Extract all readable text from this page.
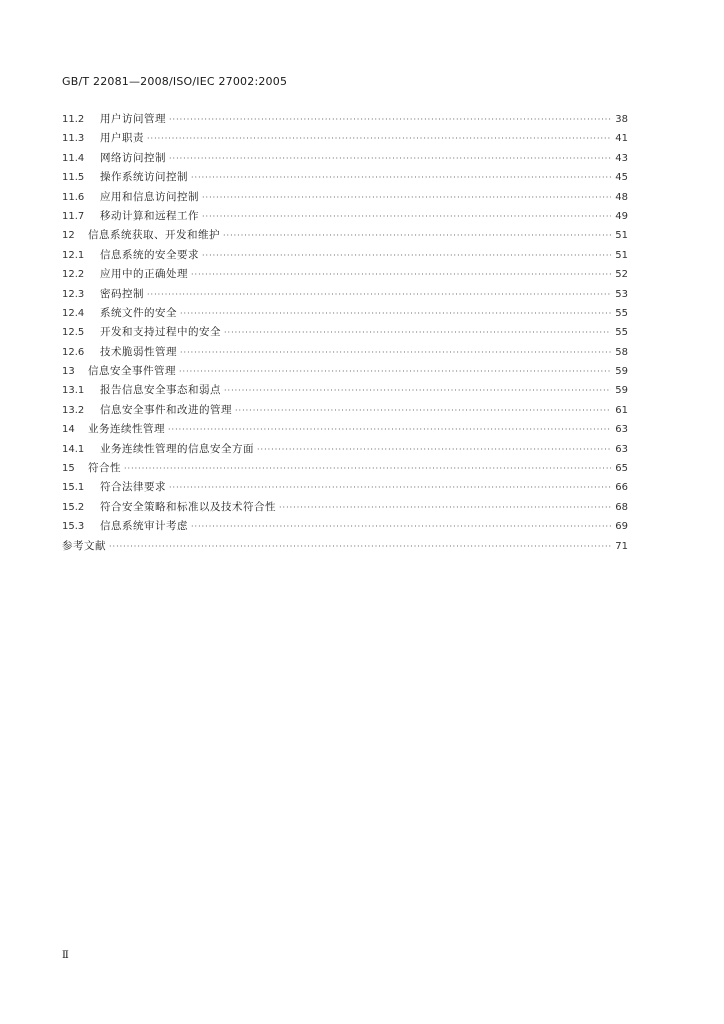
GB/T 22081—2008/ISO/IEC 27002:2005
11.2	用户访问管理 ·····	38
11.3	用户职责 ·····	41
11.4	网络访问控制 ·····	43
11.5	操作系统访问控制 ·····	45
11.6	应用和信息访问控制 ·····	48
11.7	移动计算和远程工作 ·····	49
12	信息系统获取、开发和维护 ·····	51
12.1	信息系统的安全要求 ·····	51
12.2	应用中的正确处理 ·····	52
12.3	密码控制 ·····	53
12.4	系统文件的安全 ·····	55
12.5	开发和支持过程中的安全 ·····	55
12.6	技术脆弱性管理 ·····	58
13	信息安全事件管理 ·····	59
13.1	报告信息安全事态和弱点 ·····	59
13.2	信息安全事件和改进的管理 ·····	61
14	业务连续性管理 ·····	63
14.1	业务连续性管理的信息安全方面 ·····	63
15	符合性 ·····	65
15.1	符合法律要求 ·····	66
15.2	符合安全策略和标准以及技术符合性 ·····	68
15.3	信息系统审计考虑 ·····	69
参考文献 ·····	71
Ⅱ
